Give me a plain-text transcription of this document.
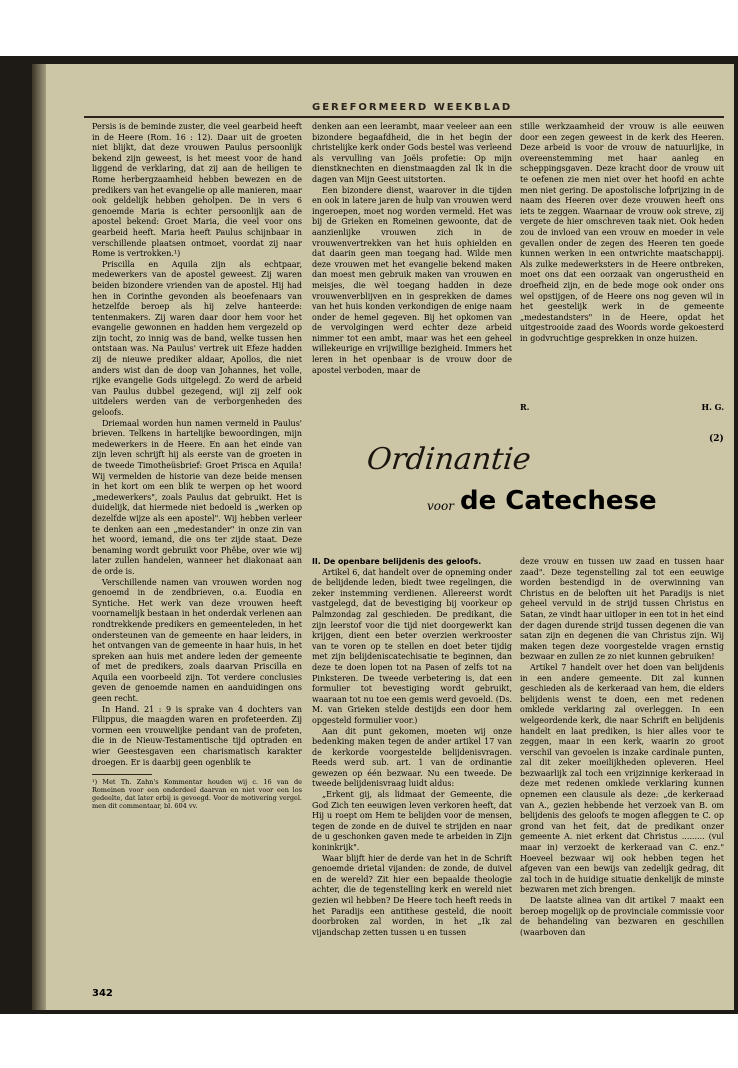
GEREFORMEERD WEEKBLAD

Persis is de beminde zuster, die veel gearbeid heeft in de Heere (Rom. 16 : 12). Daar uit de groeten niet blijkt, dat deze vrouwen Paulus persoonlijk bekend zijn geweest, is het meest voor de hand liggend de verklaring, dat zij aan de heiligen te Rome herbergzaamheid hebben bewezen en de predikers van het evangelie op alle manieren, maar ook geldelijk hebben geholpen. De in vers 6 genoemde Maria is echter persoonlijk aan de apostel bekend: Groet Maria, die veel voor ons gearbeid heeft. Maria heeft Paulus schijnbaar in verschillende plaatsen ontmoet, voordat zij naar Rome is vertrokken.¹)

Priscilla en Aquila zijn als echtpaar, medewerkers van de apostel geweest. Zij waren beiden bizondere vrienden van de apostel. Hij had hen in Corinthe gevonden als beoefenaars van hetzelfde beroep als hij zelve hanteerde: tentenmakers. Zij waren daar door hem voor het evangelie gewonnen en hadden hem vergezeld op zijn tocht, zo innig was de band, welke tussen hen ontstaan was. Na Paulus' vertrek uit Efeze hadden zij de nieuwe prediker aldaar, Apollos, die niet anders wist dan de doop van Johannes, het volle, rijke evangelie Gods uitgelegd. Zo werd de arbeid van Paulus dubbel gezegend, wijl zij zelf ook uitdelers werden van de verborgenheden des geloofs.

Driemaal worden hun namen vermeld in Paulus' brieven. Telkens in hartelijke bewoordingen, mijn medewerkers in de Heere. En aan het einde van zijn leven schrijft hij als eerste van de groeten in de tweede Timotheüsbrief: Groet Prisca en Aquila! Wij vermelden de historie van deze beide mensen in het kort om een blik te werpen op het woord „medewerkers", zoals Paulus dat gebruikt. Het is duidelijk, dat hiermede niet bedoeld is „werken op dezelfde wijze als een apostel". Wij hebben verleer te denken aan een „medestander" in onze zin van het woord, iemand, die ons ter zijde staat. Deze benaming wordt gebruikt voor Phêbe, over wie wij later zullen handelen, wanneer het diakonaat aan de orde is.

Verschillende namen van vrouwen worden nog genoemd in de zendbrieven, o.a. Euodia en Syntiche. Het werk van deze vrouwen heeft voornamelijk bestaan in het onderdak verlenen aan rondtrekkende predikers en gemeenteleden, in het ondersteunen van de gemeente en haar leiders, in het ontvangen van de gemeente in haar huis, in het spreken aan huis met andere leden der gemeente of met de predikers, zoals daarvan Priscilla en Aquila een voorbeeld zijn. Tot verdere conclusies geven de genoemde namen en aanduidingen ons geen recht.

In Hand. 21 : 9 is sprake van 4 dochters van Filippus, die maagden waren en profeteerden. Zij vormen een vrouwelijke pendant van de profeten, die in de Nieuw-Testamentische tijd optraden en wier Geestesgaven een charismatisch karakter droegen. Er is daarbij geen ogenblik te

¹) Met Th. Zahn's Kommentar houden wij c. 16 van de Romeinen voor een onderdeel daarvan en niet voor een los gedeelte, dat later erbij is gevoegd. Voor de motivering vergel. men dit commentaar, bl. 604 vv.

denken aan een leerambt, maar veeleer aan een bizondere begaafdheid, die in het begin der christelijke kerk onder Gods bestel was verleend als vervulling van Joëls profetie: Op mijn dienstknechten en dienstmaagden zal Ik in die dagen van Mijn Geest uitstorten.

Een bizondere dienst, waarover in die tijden en ook in latere jaren de hulp van vrouwen werd ingeroepen, moet nog worden vermeld. Het was bij de Grieken en Romeinen gewoonte, dat de aanzienlijke vrouwen zich in de vrouwenvertrekken van het huis ophielden en dat daarin geen man toegang had. Wilde men deze vrouwen met het evangelie bekend maken dan moest men gebruik maken van vrouwen en meisjes, die wèl toegang hadden in deze vrouwenverblijven en in gesprekken de dames van het huis konden verkondigen de enige naam onder de hemel gegeven. Bij het opkomen van de vervolgingen werd echter deze arbeid nimmer tot een ambt, maar was het een geheel willekeurige en vrijwillige bezigheid. Immers het leren in het openbaar is de vrouw door de apostel verboden, maar de

stille werkzaamheid der vrouw is alle eeuwen door een zegen geweest in de kerk des Heeren. Deze arbeid is voor de vrouw de natuurlijke, in overeenstemming met haar aanleg en scheppingsgaven. Deze kracht door de vrouw uit te oefenen zie men niet over het hoofd en achte men niet gering. De apostolische lofprijzing in de naam des Heeren over deze vrouwen heeft ons iets te zeggen. Waarnaar de vrouw ook streve, zij vergete de hier omschreven taak niet. Ook heden zou de invloed van een vrouw en moeder in vele gevallen onder de zegen des Heeren ten goede kunnen werken in een ontwrichte maatschappij. Als zulke medewerksters in de Heere ontbreken, moet ons dat een oorzaak van ongerustheid en droefheid zijn, en de bede moge ook onder ons wel opstijgen, of de Heere ons nog geven wil in het geestelijk werk in de gemeente „medestandsters" in de Heere, opdat het uitgestrooide zaad des Woords worde gekoesterd in godvruchtige gesprekken in onze huizen.

R.	H. G.
(2)
Ordinantie
voor de Catechese

II. De openbare belijdenis des geloofs.

Artikel 6, dat handelt over de opneming onder de belijdende leden, biedt twee regelingen, die zeker instemming verdienen. Allereerst wordt vastgelegd, dat de bevestiging bij voorkeur op Palmzondag zal geschieden. De predikant, die zijn leerstof voor die tijd niet doorgewerkt kan krijgen, dient een beter overzien werkrooster van te voren op te stellen en doet beter tijdig met zijn belijdeniscatechisatie te beginnen, dan deze te doen lopen tot na Pasen of zelfs tot na Pinksteren. De tweede verbetering is, dat een formulier tot bevestiging wordt gebruikt, waaraan tot nu toe een gemis werd gevoeld. (Ds. M. van Grieken stelde destijds een door hem opgesteld formulier voor.)

Aan dit punt gekomen, moeten wij onze bedenking maken tegen de ander artikel 17 van de kerkorde voorgestelde belijdenisvragen. Reeds werd sub. art. 1 van de ordinantie gewezen op één bezwaar. Nu een tweede. De tweede belijdenisvraag luidt aldus:

„Erkent gij, als lidmaat der Gemeente, die God Zich ten eeuwigen leven verkoren heeft, dat Hij u roept om Hem te belijden voor de mensen, tegen de zonde en de duivel te strijden en naar de u geschonken gaven mede te arbeiden in Zijn koninkrijk".

Waar blijft hier de derde van het in de Schrift genoemde drietal vijanden: de zonde, de duivel en de wereld? Zit hier een bepaalde theologie achter, die de tegenstelling kerk en wereld niet gezien wil hebben? De Heere toch heeft reeds in het Paradijs een antithese gesteld, die nooit doorbroken zal worden, in het „Ik zal vijandschap zetten tussen u en tussen

deze vrouw en tussen uw zaad en tussen haar zaad". Deze tegenstelling zal tot een eeuwige worden bestendigd in de overwinning van Christus en de beloften uit het Paradijs is niet geheel vervuld in de strijd tussen Christus en Satan, ze vindt haar uitloper in een tot in het eind der dagen durende strijd tussen degenen die van satan zijn en degenen die van Christus zijn. Wij maken tegen deze voorgestelde vragen ernstig bezwaar en zullen ze zo niet kunnen gebruiken!

Artikel 7 handelt over het doen van belijdenis in een andere gemeente. Dit zal kunnen geschieden als de kerkeraad van hem, die elders belijdenis wenst te doen, een met redenen omklede verklaring zal overleggen. In een welgeordende kerk, die naar Schrift en belijdenis handelt en laat prediken, is hier alles voor te zeggen, maar in een kerk, waarin zo groot verschil van gevoelen is inzake cardinale punten, zal dit zeker moeilijkheden opleveren. Heel bezwaarlijk zal toch een vrijzinnige kerkeraad in deze met redenen omklede verklaring kunnen opnemen een clausule als deze: „de kerkeraad van A., gezien hebbende het verzoek van B. om belijdenis des geloofs te mogen afleggen te C. op grond van het feit, dat de predikant onzer gemeente A. niet erkent dat Christus ......... (vul maar in) verzoekt de kerkeraad van C. enz." Hoeveel bezwaar wij ook hebben tegen het afgeven van een bewijs van zedelijk gedrag, dit zal toch in de huidige situatie denkelijk de minste bezwaren met zich brengen.

De laatste alinea van dit artikel 7 maakt een beroep mogelijk op de provinciale commissie voor de behandeling van bezwaren en geschillen (waarboven dan

342
